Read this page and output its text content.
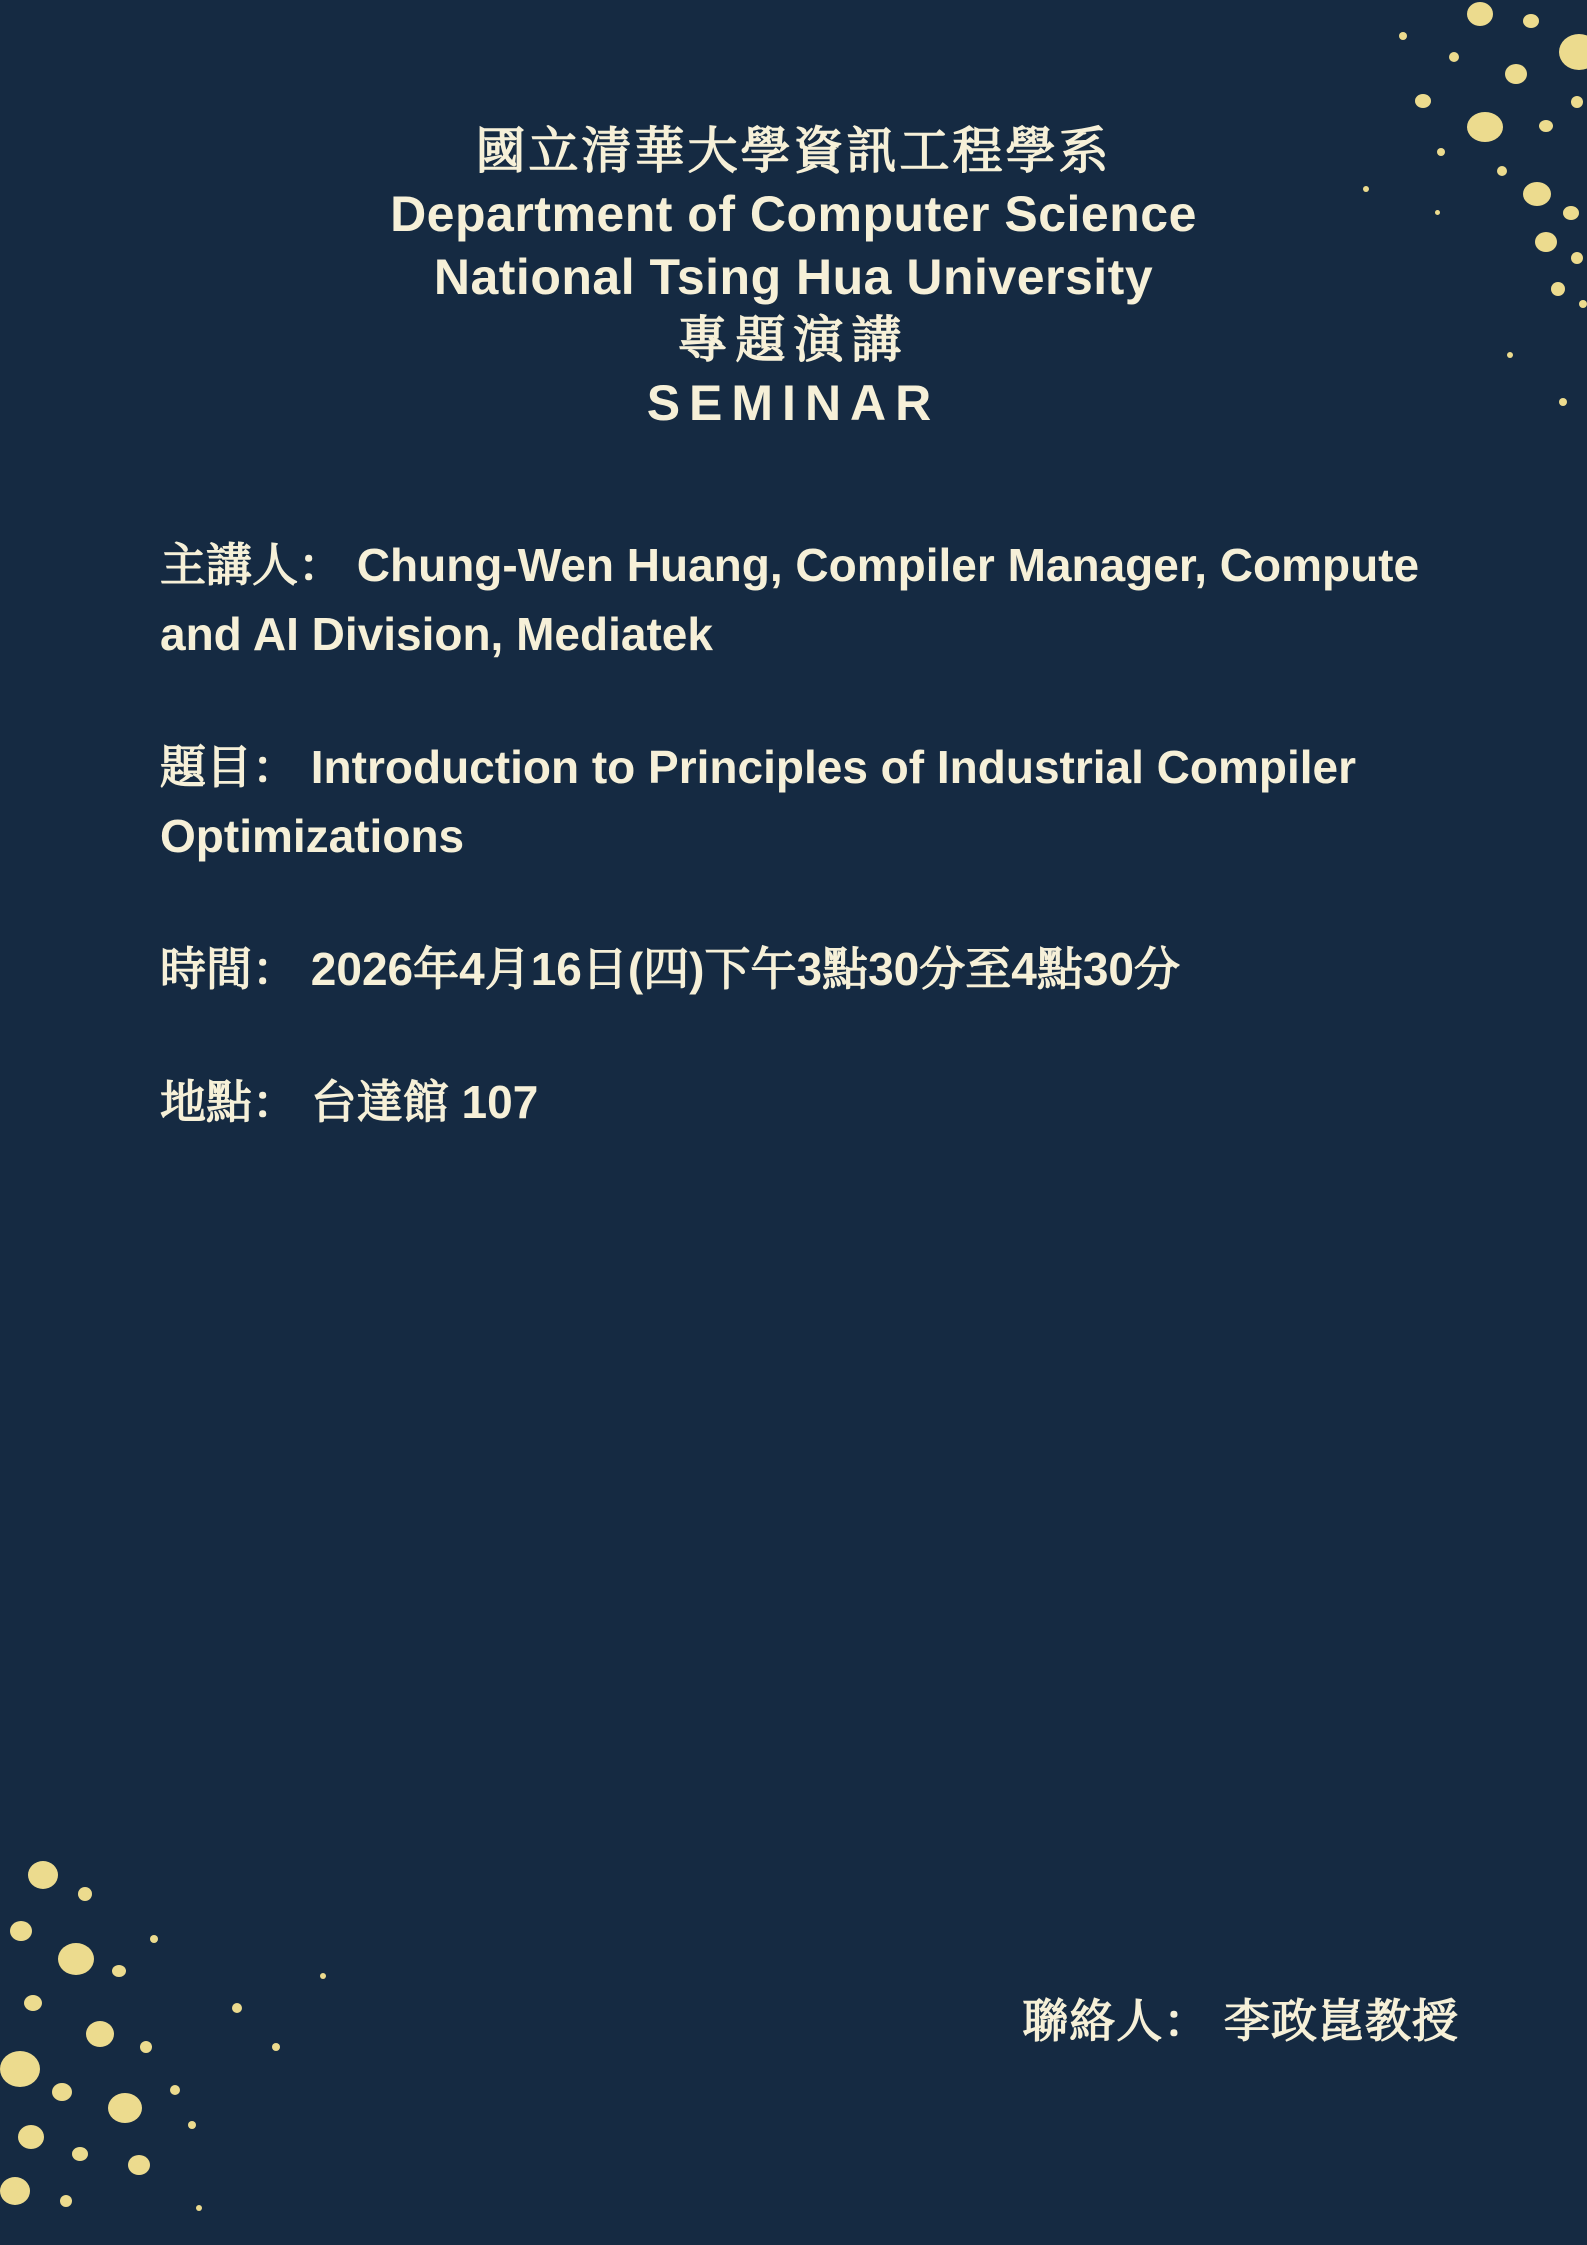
國立清華大學資訊工程學系
Department of Computer Science
National Tsing Hua University
專題演講
SEMINAR
主講人： Chung-Wen Huang, Compiler Manager, Compute and AI Division, Mediatek
題目： Introduction to Principles of Industrial Compiler Optimizations
時間： 2026年4月16日(四)下午3點30分至4點30分
地點： 台達館 107
聯絡人： 李政崑教授
